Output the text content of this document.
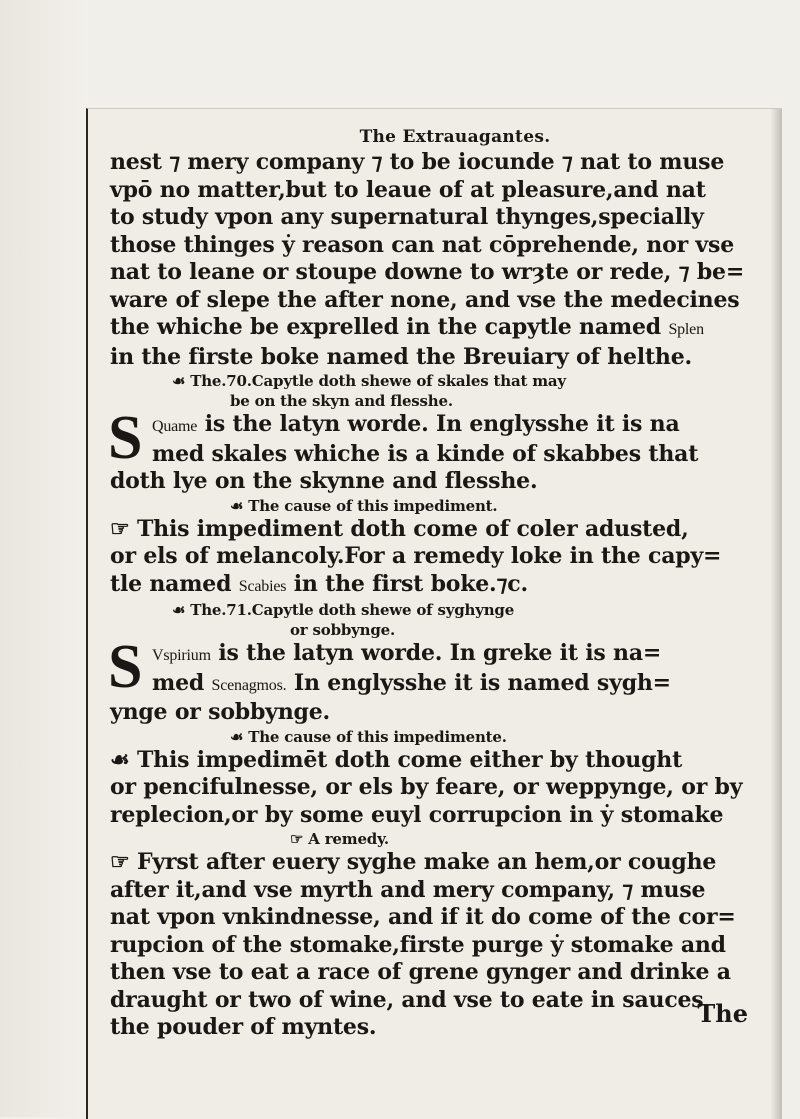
The Extrauagantes.
nest ⁊ mery company ⁊ to be iocunde ⁊ nat to muse
vpō no matter,but to leaue of at pleasure,and nat
to study vpon any supernatural thynges,specially
those thinges ẏ reason can nat cōprehende, nor vse
nat to leane or stoupe downe to wrȝte or rede, ⁊ be=
ware of slepe the after none, and vse the medecines
the whiche be exprelled in the capytle named Splen
in the firste boke named the Breuiary of helthe.
☙ The.70.Capytle doth shewe of skales that may
be on the skyn and flesshe.
S Quame is the latyn worde. In englysshe it is na
med skales whiche is a kinde of skabbes that
doth lye on the skynne and flesshe.
☙ The cause of this impediment.
☞ This impediment doth come of coler adusted,
or els of melancoly.For a remedy loke in the capy=
tle named Scabies in the first boke.⁊c.
☙ The.71.Capytle doth shewe of syghynge
or sobbynge.
S Vspirium is the latyn worde. In greke it is na=
med Scenagmos. In englysshe it is named sygh=
ynge or sobbynge.
☙ The cause of this impedimente.
☙ This impedimēt doth come either by thought
or pencifulnesse, or els by feare, or weppynge, or by
replecion,or by some euyl corrupcion in ẏ stomake
☞ A remedy.
☞ Fyrst after euery syghe make an hem,or coughe
after it,and vse myrth and mery company, ⁊ muse
nat vpon vnkindnesse, and if it do come of the cor=
rupcion of the stomake,firste purge ẏ stomake and
then vse to eat a race of grene gynger and drinke a
draught or two of wine, and vse to eate in sauces
the pouder of myntes.	The
